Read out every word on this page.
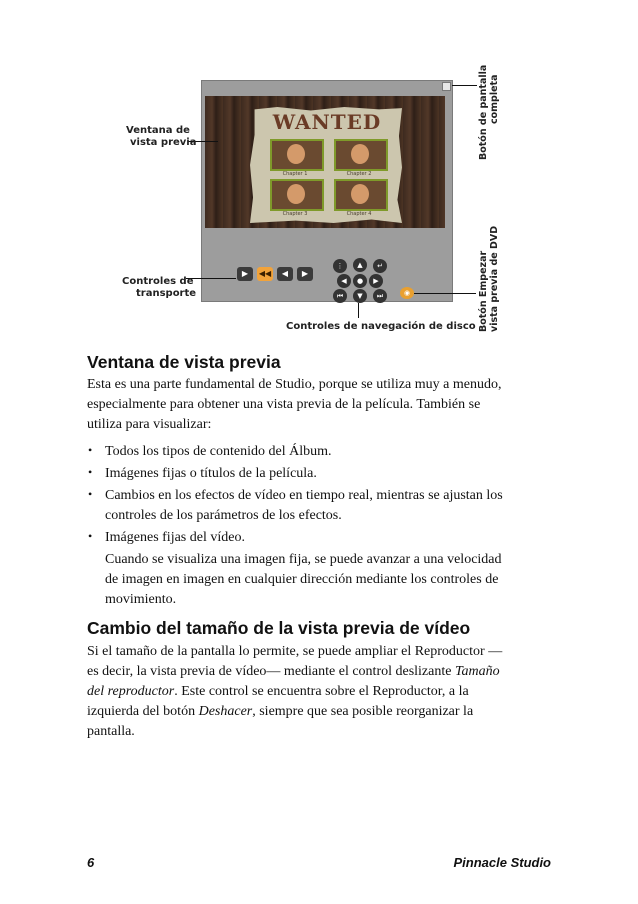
WANTED
Chapter 1	Chapter 2
Chapter 3	Chapter 4
▶	◀◀	◀	▶
⋮	↵
▲
◀	●	▶
▼
⏮	⏭	◉
Ventana de
vista previa
Controles de
transporte
Controles de navegación de disco
Botón de pantalla completa
Botón Empezar vista previa de DVD
Ventana de vista previa
Esta es una parte fundamental de Studio, porque se utiliza muy a menudo,
especialmente para obtener una vista previa de la película. También se
utiliza para visualizar:
• Todos los tipos de contenido del Álbum.
• Imágenes fijas o títulos de la película.
• Cambios en los efectos de vídeo en tiempo real, mientras se ajustan los
controles de los parámetros de los efectos.
• Imágenes fijas del vídeo.
Cuando se visualiza una imagen fija, se puede avanzar a una velocidad
de imagen en imagen en cualquier dirección mediante los controles de
movimiento.
Cambio del tamaño de la vista previa de vídeo
Si el tamaño de la pantalla lo permite, se puede ampliar el Reproductor —
es decir, la vista previa de vídeo— mediante el control deslizante Tamaño
del reproductor. Este control se encuentra sobre el Reproductor, a la
izquierda del botón Deshacer, siempre que sea posible reorganizar la
pantalla.
6	Pinnacle Studio
